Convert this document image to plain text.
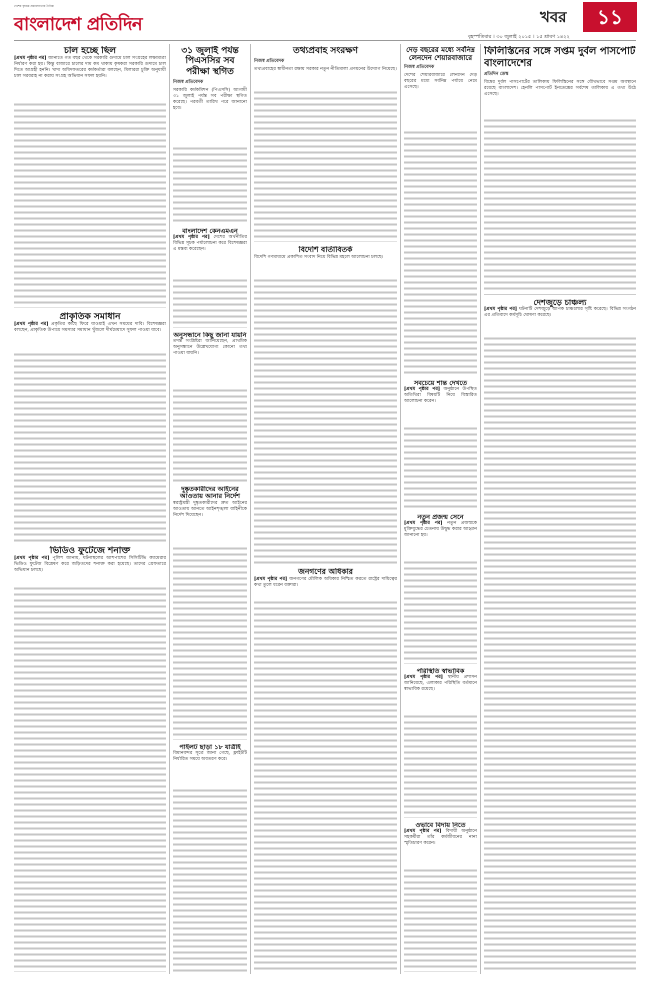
দেশের বৃহত্তম প্রচারসংখ্যার দৈনিক
বাংলাদেশ প্রতিদিন	খবর	১১
বৃহস্পতিবার । ৩০ জুলাই ২০১৫ । ১৫ শ্রাবণ ১৪২২
চাল হচ্ছে ছিল
[প্রথম পৃষ্ঠার পর] জানাতে গত বছর থেকে সরকারি গুদামে চাল সংগ্রহের লক্ষ্যমাত্রা নির্ধারণ করা হয়। কিন্তু বাজারে চালের দাম কম থাকায় কৃষকরা সরকারি গুদামে চাল দিতে আগ্রহী হননি। খাদ্য অধিদফতরের কর্মকর্তারা বলছেন, মিলাররা চুক্তি অনুযায়ী চাল সরবরাহ না করায় সংগ্রহ অভিযান সফল হয়নি।
প্রাকৃতিক সমাধান
[প্রথম পৃষ্ঠার পর] প্রকৃতির কাছে ফিরে যাওয়াই এখন সময়ের দাবি। বিশেষজ্ঞরা বলছেন, প্রাকৃতিক উপায়ে সমস্যার সমাধান খুঁজলে দীর্ঘমেয়াদে সুফল পাওয়া যাবে।
ভিডিও ফুটেজে শনাক্ত
[প্রথম পৃষ্ঠার পর] পুলিশ জানায়, ঘটনাস্থলের আশপাশের সিসিটিভি ক্যামেরার ভিডিও ফুটেজ বিশ্লেষণ করে জড়িতদের শনাক্ত করা হয়েছে। তাদের গ্রেফতারে অভিযান চলছে।
৩১ জুলাই পর্যন্ত পিএসসির সব পরীক্ষা স্থগিত
নিজস্ব প্রতিবেদক
সরকারি কর্মকমিশন (পিএসসি) আগামী ৩১ জুলাই পর্যন্ত সব পরীক্ষা স্থগিত করেছে। পরবর্তী তারিখ পরে জানানো হবে।
বাংলাদেশ কেনএমএন
[প্রথম পৃষ্ঠার পর] দেশের অর্থনীতির বিভিন্ন সূচক পর্যালোচনা করে বিশেষজ্ঞরা এ মন্তব্য করেছেন।
অনুসন্ধানে কিছু জানা যায়নি
তদন্ত সংশ্লিষ্টরা জানিয়েছেন, প্রাথমিক অনুসন্ধানে উল্লেখযোগ্য কোনো তথ্য পাওয়া যায়নি।
দুষ্কৃতকারীদের আইনের আওতায় আনার নির্দেশ
স্বরাষ্ট্রমন্ত্রী দুষ্কৃতকারীদের দ্রুত আইনের আওতায় আনতে আইনশৃঙ্খলা বাহিনীকে নির্দেশ দিয়েছেন।
পাইলট ছাড়া ১৮ যাত্রীই
বিমানবন্দর সূত্রে জানা গেছে, ফ্লাইটটি নির্ধারিত সময়ে অবতরণ করে।
তথ্যপ্রবাহ সংরক্ষণ
নিজস্ব প্রতিবেদক
তথ্যপ্রবাহের স্বাধীনতা রক্ষায় সরকার নতুন নীতিমালা প্রণয়নের উদ্যোগ নিয়েছে।
বিদেশি বার্তাবিতর্ক
বিদেশি গণমাধ্যমে প্রকাশিত সংবাদ নিয়ে বিভিন্ন মহলে আলোচনা চলছে।
জনগণের অধিকার
[প্রথম পৃষ্ঠার পর] জনগণের মৌলিক অধিকার নিশ্চিত করতে রাষ্ট্রের দায়িত্বের কথা তুলে ধরেন বক্তারা।
দেড় বছরের মধ্যে সর্বনিম্ন লেনদেন শেয়ারবাজারে
নিজস্ব প্রতিবেদক
দেশের শেয়ারবাজারে লেনদেন দেড় বছরের মধ্যে সর্বনিম্ন পর্যায়ে নেমে এসেছে।
সবচেয়ে শান্ত দেখতে
[প্রথম পৃষ্ঠার পর] অনুষ্ঠানে উপস্থিত অতিথিরা বিষয়টি নিয়ে বিস্তারিত আলোচনা করেন।
নতুন প্রজন্ম সেনে
[প্রথম পৃষ্ঠার পর] নতুন প্রজন্মকে মুক্তিযুদ্ধের চেতনায় উদ্বুদ্ধ করার আহ্বান জানানো হয়।
পরিস্থিতি স্বাভাবিক
[প্রথম পৃষ্ঠার পর] স্থানীয় প্রশাসন জানিয়েছে, এলাকার পরিস্থিতি বর্তমানে স্বাভাবিক রয়েছে।
ওভাবে বিদায় নিতে
[প্রথম পৃষ্ঠার পর] বিদায়ী অনুষ্ঠানে সহকর্মীরা তাঁর কর্মজীবনের নানা স্মৃতিচারণ করেন।
ফিলিস্তিনের সঙ্গে সপ্তম দুর্বল পাসপোর্ট বাংলাদেশের
প্রতিদিন ডেস্ক
বিশ্বের দুর্বল পাসপোর্টের তালিকায় ফিলিস্তিনের সঙ্গে যৌথভাবে সপ্তম অবস্থানে রয়েছে বাংলাদেশ। হেনলি পাসপোর্ট ইনডেক্সের সর্বশেষ তালিকায় এ তথ্য উঠে এসেছে।
দেশজুড়ে চাঞ্চল্য
[প্রথম পৃষ্ঠার পর] ঘটনাটি দেশজুড়ে ব্যাপক চাঞ্চল্যের সৃষ্টি করেছে। বিভিন্ন সংগঠন এর প্রতিবাদে কর্মসূচি ঘোষণা করেছে।
